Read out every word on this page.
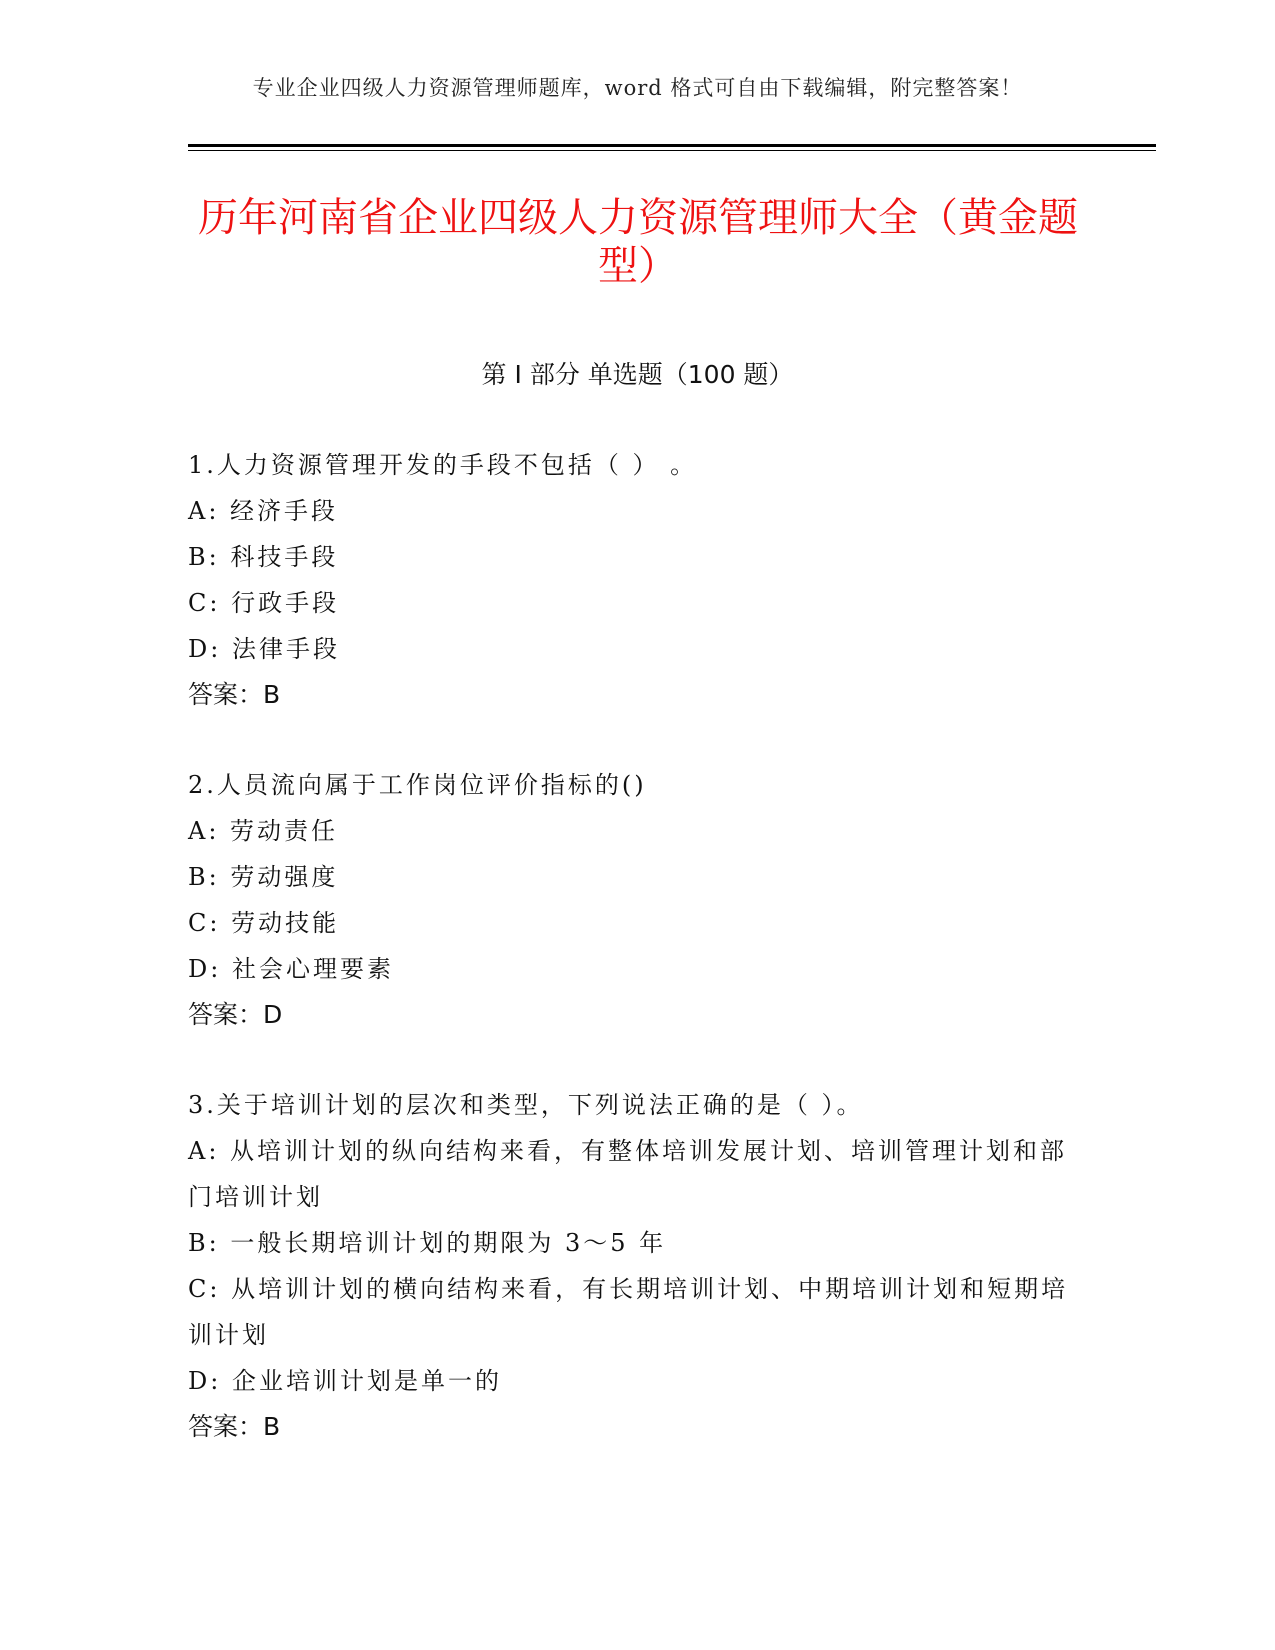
专业企业四级人力资源管理师题库，word 格式可自由下载编辑，附完整答案！
历年河南省企业四级人力资源管理师大全（黄金题型）
第 I 部分 单选题（100 题）

1.人力资源管理开发的手段不包括（ ） 。

A: 经济手段

B: 科技手段

C: 行政手段

D: 法律手段

答案：B

2.人员流向属于工作岗位评价指标的()

A: 劳动责任

B: 劳动强度

C: 劳动技能

D: 社会心理要素

答案：D

3.关于培训计划的层次和类型，下列说法正确的是（ ）。

A: 从培训计划的纵向结构来看，有整体培训发展计划、培训管理计划和部门培训计划

B: 一般长期培训计划的期限为 3～5 年

C: 从培训计划的横向结构来看，有长期培训计划、中期培训计划和短期培训计划

D: 企业培训计划是单一的

答案：B
